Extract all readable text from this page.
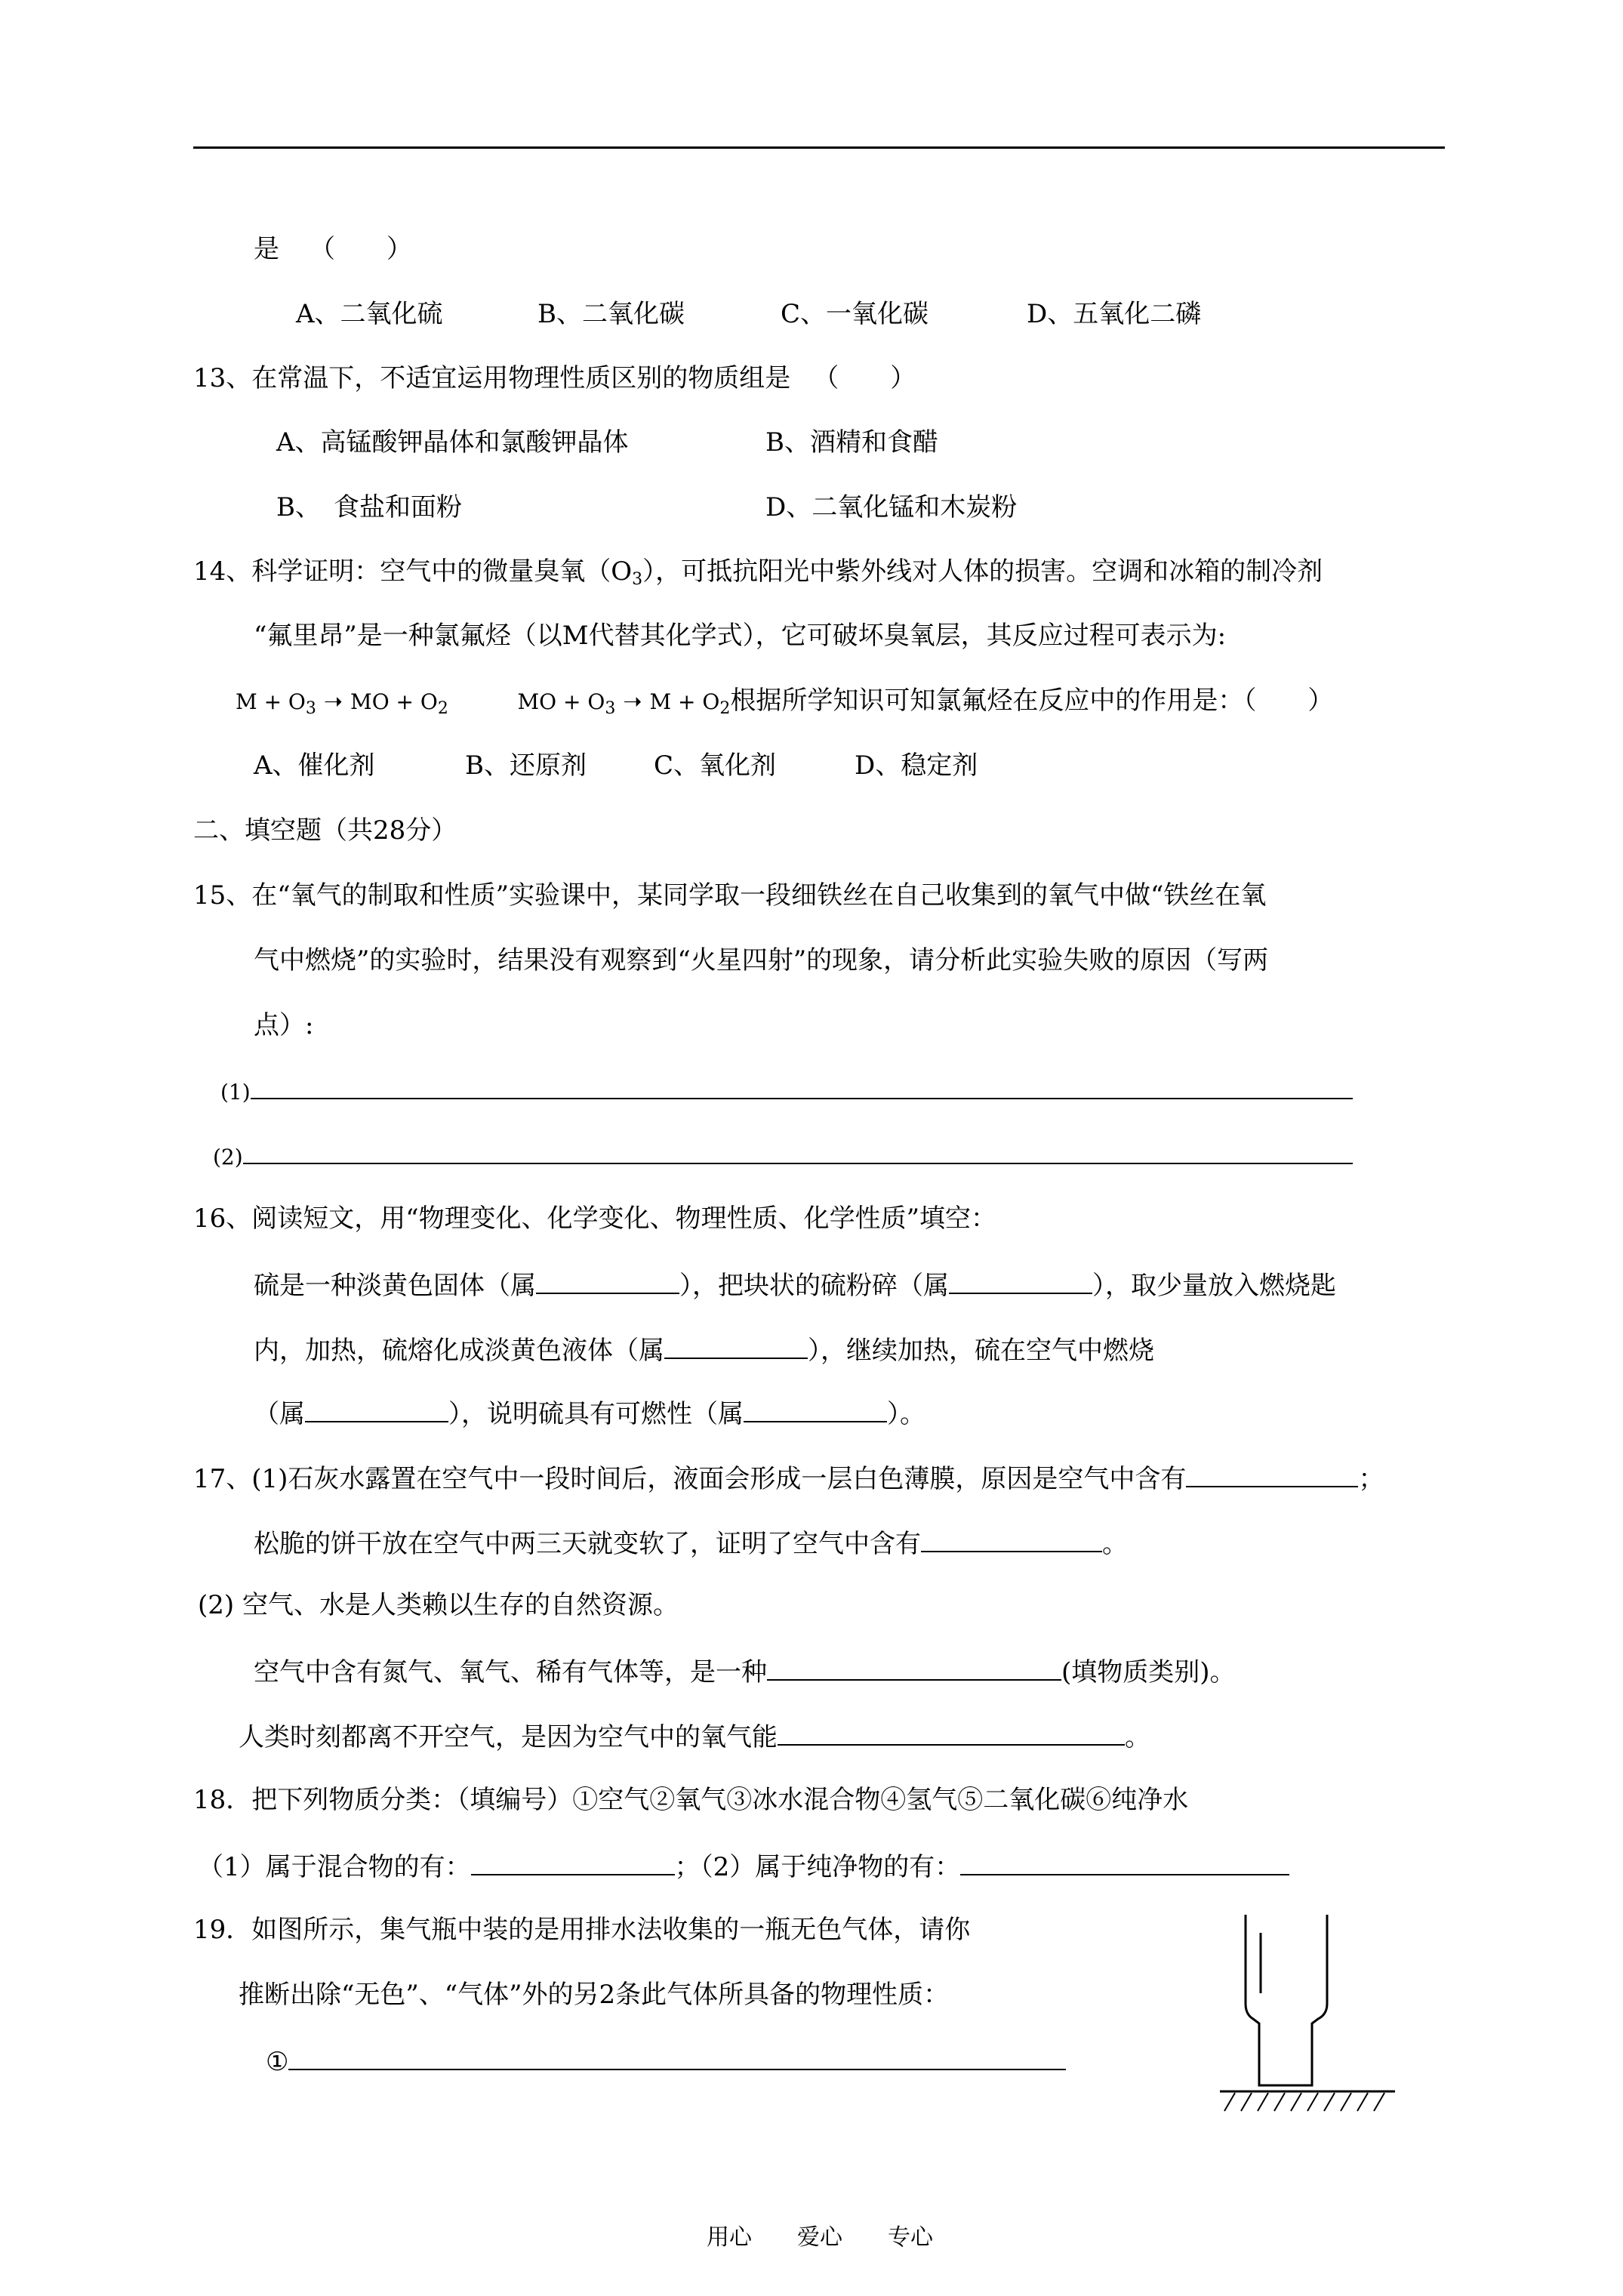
是 （　　）
A、二氧化硫	B、二氧化碳	C、一氧化碳	D、五氧化二磷
13、在常温下，不适宜运用物理性质区别的物质组是 （　　）
A、高锰酸钾晶体和氯酸钾晶体	B、酒精和食醋
B、　食盐和面粉	D、二氧化锰和木炭粉
14、科学证明：空气中的微量臭氧$(O_3)$，可抵抗阳光中紫外线对人体的损害。空调和冰箱的制冷剂
“氟里昂”是一种氯氟烃（以M代替其化学式），它可破坏臭氧层，其反应过程可表示为:
$M + O_3$ ➝ MO + $O_2$	MO + $O_3$ ➝ $M + O_2$根据所学知识可知氯氟烃在反应中的作用是：（　　）
A、催化剂	B、还原剂	C、氧化剂	D、稳定剂
二、填空题（共28分）
15、在“氧气的制取和性质”实验课中，某同学取一段细铁丝在自己收集到的氧气中做“铁丝在氧
气中燃烧”的实验时，结果没有观察到“火星四射”的现象，请分析此实验失败的原因（写两
点）:
(1)
(2)
16、阅读短文，用“物理变化、化学变化、物理性质、化学性质”填空：
硫是一种淡黄色固体（属	），把块状的硫粉碎（属	），取少量放入燃烧匙
内，加热，硫熔化成淡黄色液体（属	），继续加热，硫在空气中燃烧
（属	），说明硫具有可燃性（属	）。
17、(1)石灰水露置在空气中一段时间后，液面会形成一层白色薄膜，原因是空气中含有	；
松脆的饼干放在空气中两三天就变软了，证明了空气中含有	。
(2) 空气、水是人类赖以生存的自然资源。
空气中含有氮气、氧气、稀有气体等，是一种	(填物质类别)。
人类时刻都离不开空气，是因为空气中的氧气能	。
18．把下列物质分类：（填编号）①空气②氧气③冰水混合物④氢气⑤二氧化碳⑥纯净水
（1）属于混合物的有：	；（2）属于纯净物的有：
19．如图所示，集气瓶中装的是用排水法收集的一瓶无色气体，请你
推断出除“无色”、“气体”外的另2条此气体所具备的物理性质：
①
用心 爱心 专心
